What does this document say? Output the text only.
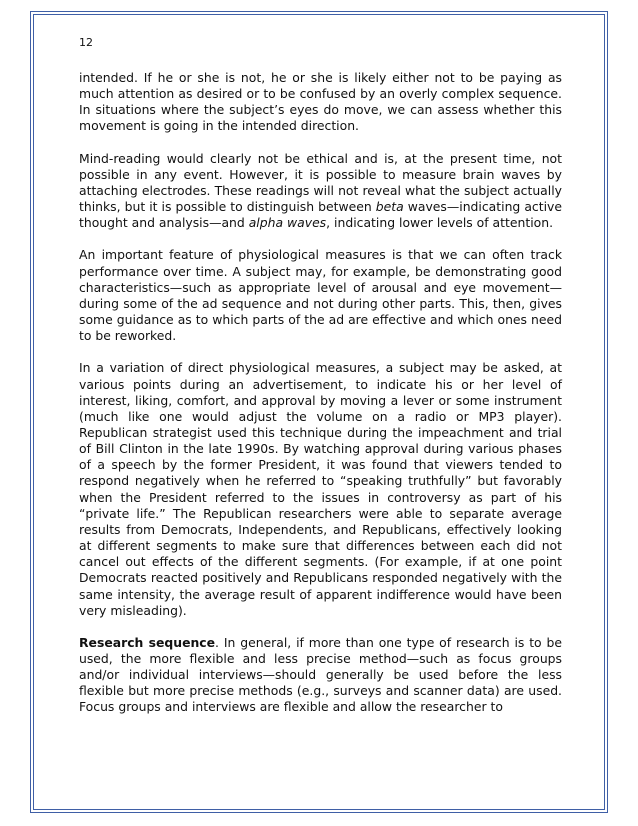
12

intended. If he or she is not, he or she is likely either not to be paying as much attention as desired or to be confused by an overly complex sequence. In situations where the subject’s eyes do move, we can assess whether this movement is going in the intended direction.

Mind-reading would clearly not be ethical and is, at the present time, not possible in any event. However, it is possible to measure brain waves by attaching electrodes. These readings will not reveal what the subject actually thinks, but it is possible to distinguish between beta waves—indicating active thought and analysis—and alpha waves, indicating lower levels of attention.

An important feature of physiological measures is that we can often track performance over time. A subject may, for example, be demonstrating good characteristics—such as appropriate level of arousal and eye movement—during some of the ad sequence and not during other parts. This, then, gives some guidance as to which parts of the ad are effective and which ones need to be reworked.

In a variation of direct physiological measures, a subject may be asked, at various points during an advertisement, to indicate his or her level of interest, liking, comfort, and approval by moving a lever or some instrument (much like one would adjust the volume on a radio or MP3 player). Republican strategist used this technique during the impeachment and trial of Bill Clinton in the late 1990s. By watching approval during various phases of a speech by the former President, it was found that viewers tended to respond negatively when he referred to “speaking truthfully” but favorably when the President referred to the issues in controversy as part of his “private life.” The Republican researchers were able to separate average results from Democrats, Independents, and Republicans, effectively looking at different segments to make sure that differences between each did not cancel out effects of the different segments. (For example, if at one point Democrats reacted positively and Republicans responded negatively with the same intensity, the average result of apparent indifference would have been very misleading).

Research sequence. In general, if more than one type of research is to be used, the more flexible and less precise method—such as focus groups and/or individual interviews—should generally be used before the less flexible but more precise methods (e.g., surveys and scanner data) are used. Focus groups and interviews are flexible and allow the researcher to
